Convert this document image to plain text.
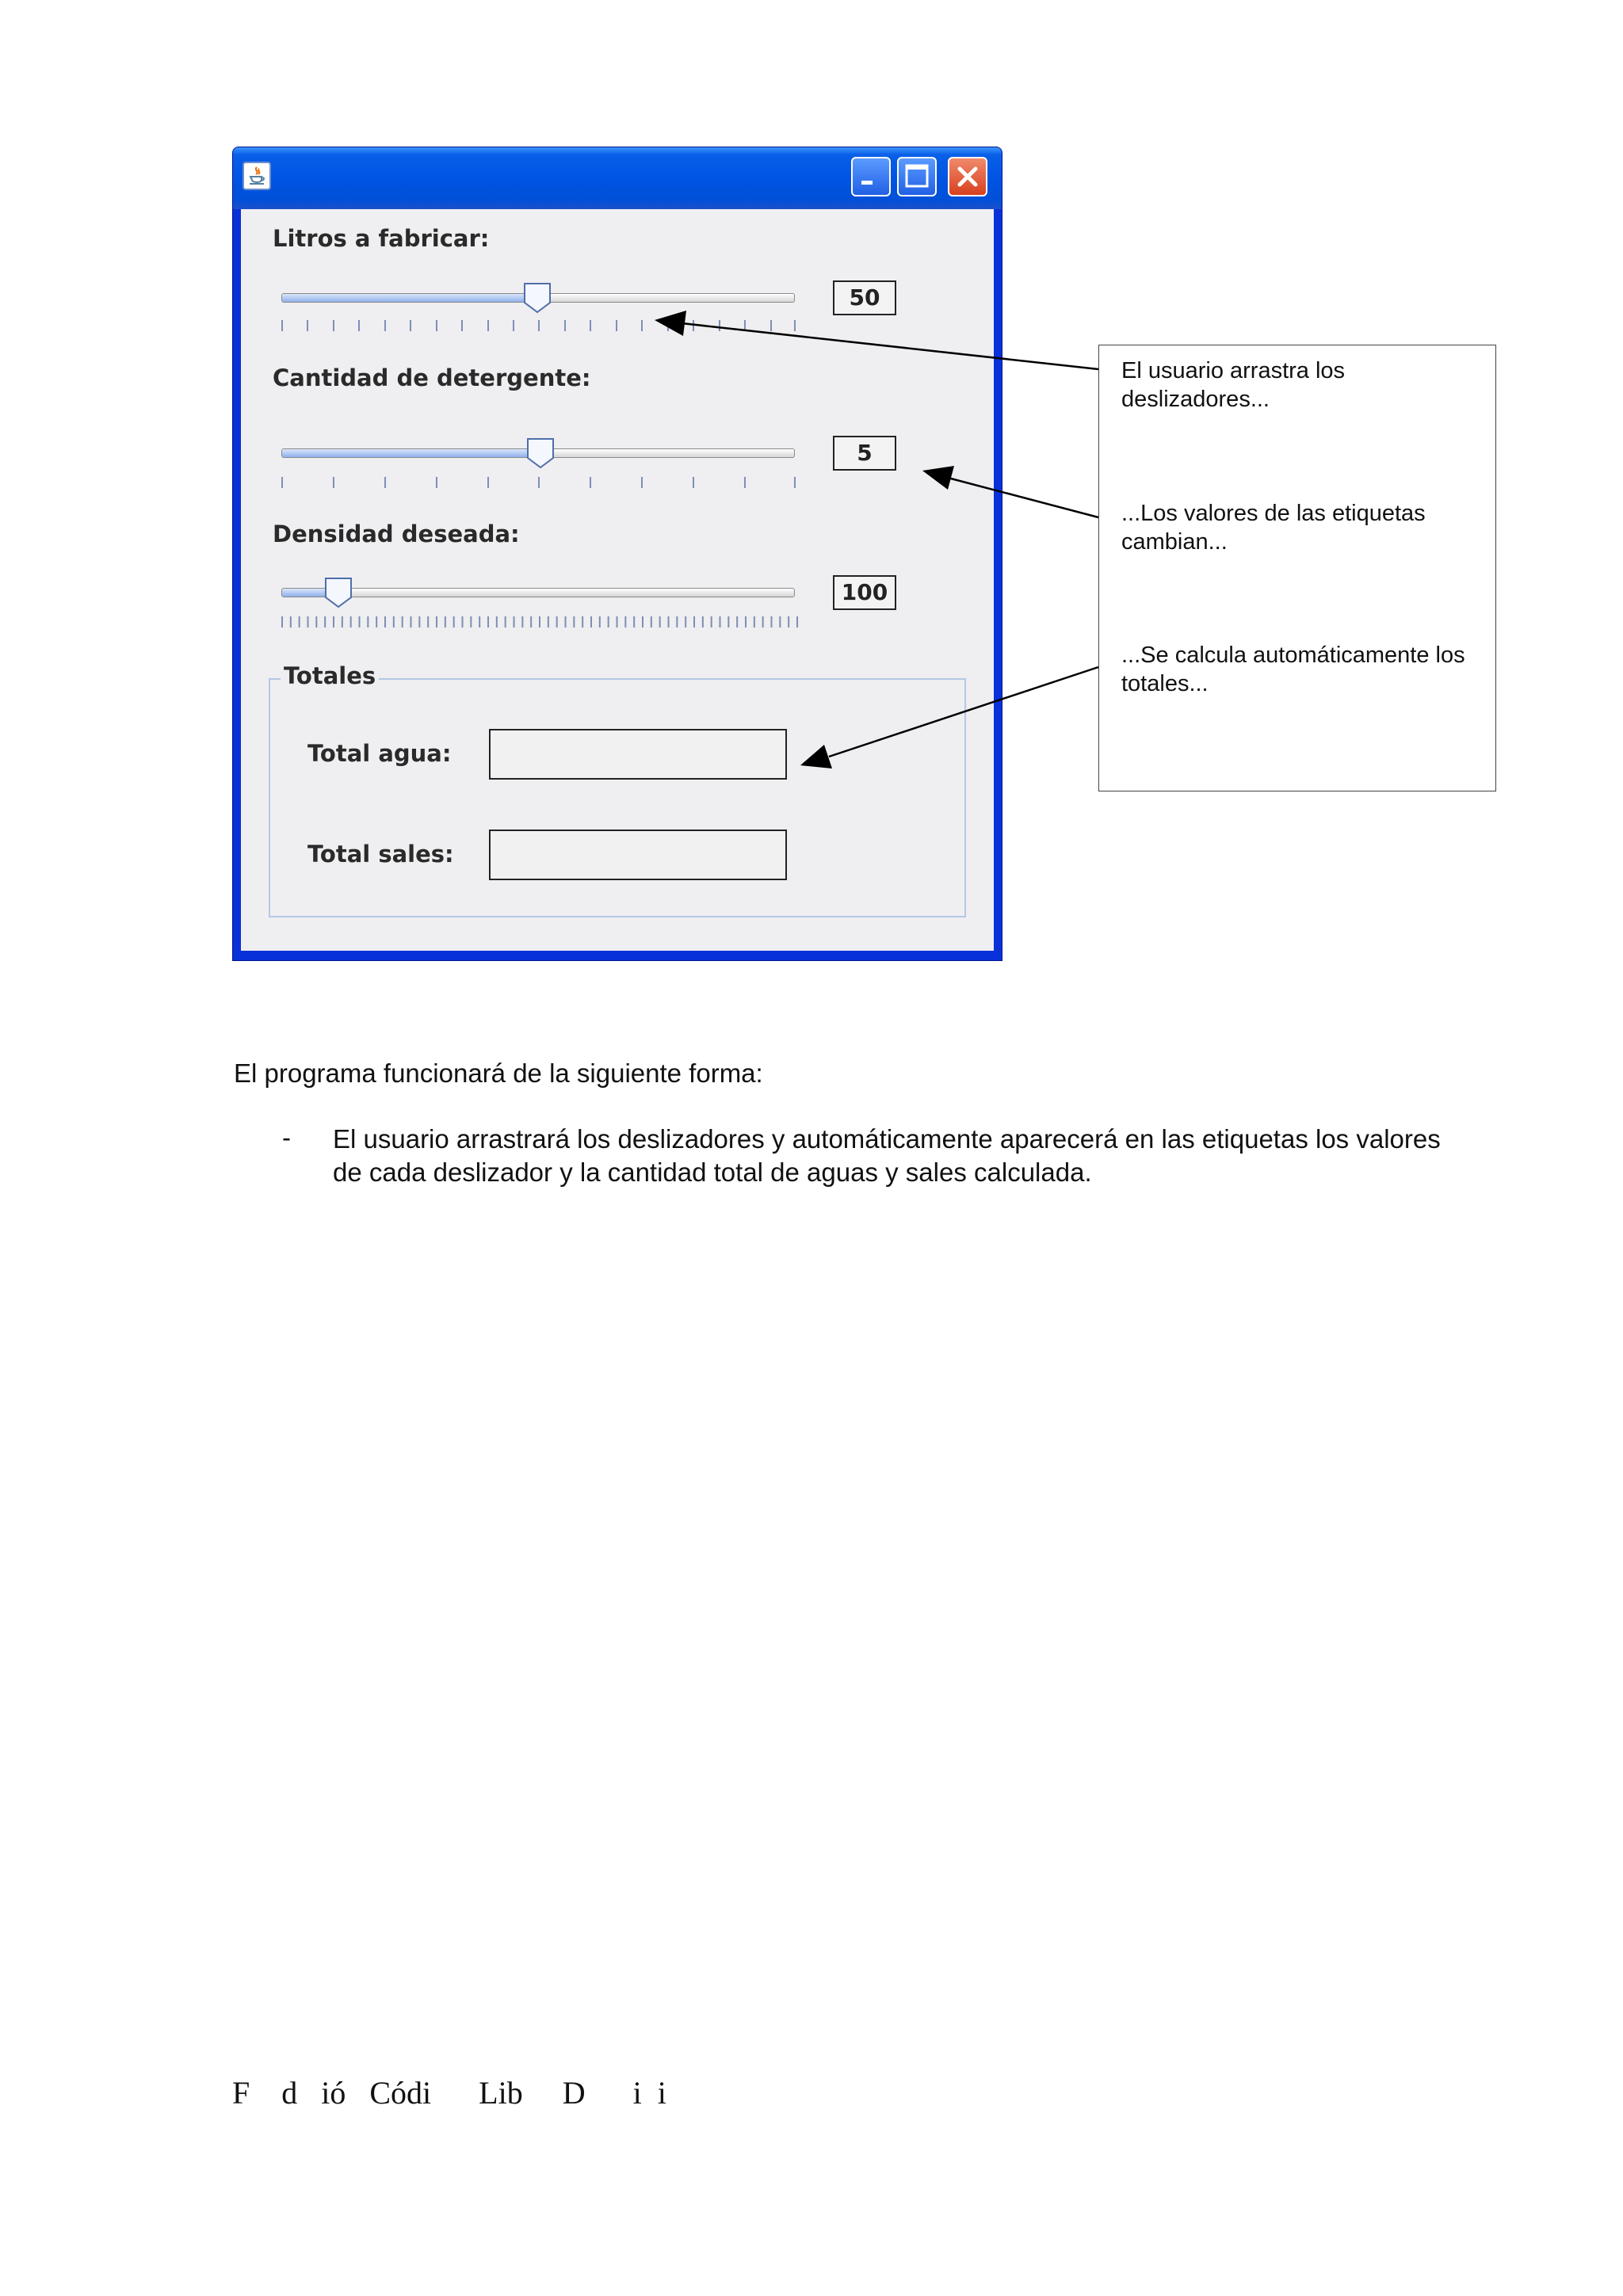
Litros a fabricar:
50
Cantidad de detergente:
5
Densidad deseada:
100
Totales
Total agua:
Total sales:
El usuario arrastra los deslizadores...
...Los valores de las etiquetas cambian...
...Se calcula automáticamente los totales...
El programa funcionará de la siguiente forma:
- El usuario arrastrará los deslizadores y automáticamente aparecerá en las etiquetas los valores de cada deslizador y la cantidad total de aguas y sales calculada.
F    d   ió   Códi      Lib     D      i  i
